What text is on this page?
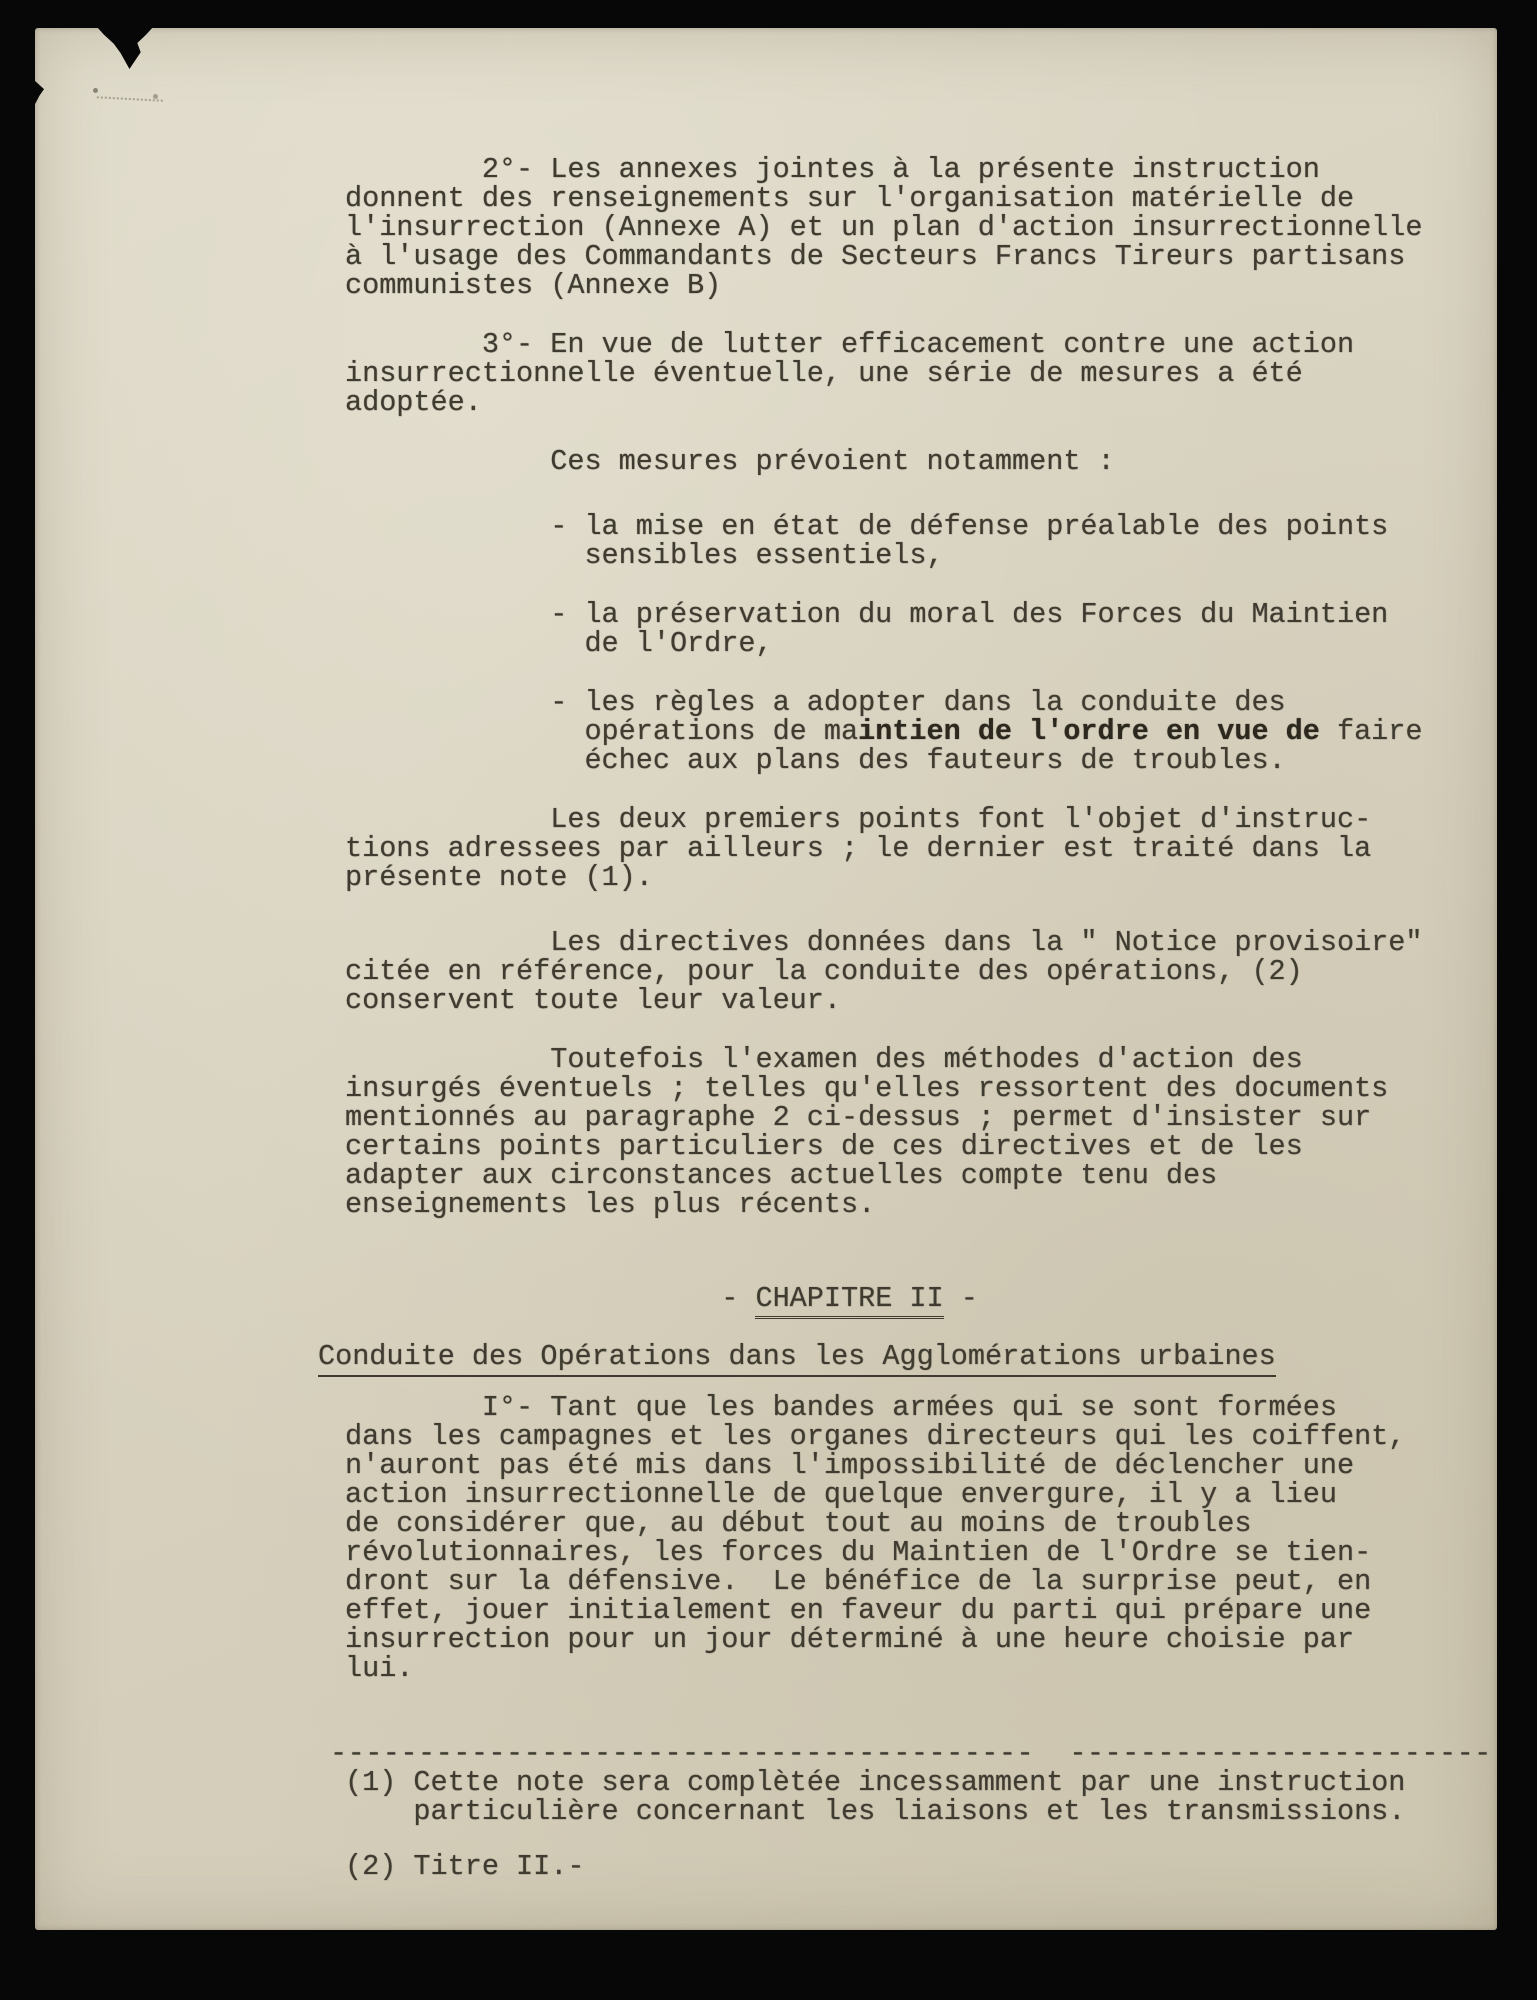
2°- Les annexes jointes à la présente instruction
donnent des renseignements sur l'organisation matérielle de
l'insurrection (Annexe A) et un plan d'action insurrectionnelle
à l'usage des Commandants de Secteurs Francs Tireurs partisans
communistes (Annexe B)
3°- En vue de lutter efficacement contre une action
insurrectionnelle éventuelle, une série de mesures a été
adoptée.
Ces mesures prévoient notamment :
- la mise en état de défense préalable des points
sensibles essentiels,
- la préservation du moral des Forces du Maintien
de l'Ordre,
- les règles a adopter dans la conduite des
opérations de maintien de l'ordre en vue de faire
échec aux plans des fauteurs de troubles.
Les deux premiers points font l'objet d'instruc-
tions adressees par ailleurs ; le dernier est traité dans la
présente note (1).
Les directives données dans la " Notice provisoire"
citée en référence, pour la conduite des opérations, (2)
conservent toute leur valeur.
Toutefois l'examen des méthodes d'action des
insurgés éventuels ; telles qu'elles ressortent des documents
mentionnés au paragraphe 2 ci-dessus ; permet d'insister sur
certains points particuliers de ces directives et de les
adapter aux circonstances actuelles compte tenu des
enseignements les plus récents.
- CHAPITRE II -
Conduite des Opérations dans les Agglomérations urbaines
I°- Tant que les bandes armées qui se sont formées
dans les campagnes et les organes directeurs qui les coiffent,
n'auront pas été mis dans l'impossibilité de déclencher une
action insurrectionnelle de quelque envergure, il y a lieu
de considérer que, au début tout au moins de troubles
révolutionnaires, les forces du Maintien de l'Ordre se tien-
dront sur la défensive.  Le bénéfice de la surprise peut, en
effet, jouer initialement en faveur du parti qui prépare une
insurrection pour un jour déterminé à une heure choisie par
lui.
----------------------------------------  ------------------------
(1) Cette note sera complètée incessamment par une instruction
particulière concernant les liaisons et les transmissions.
(2) Titre II.-
